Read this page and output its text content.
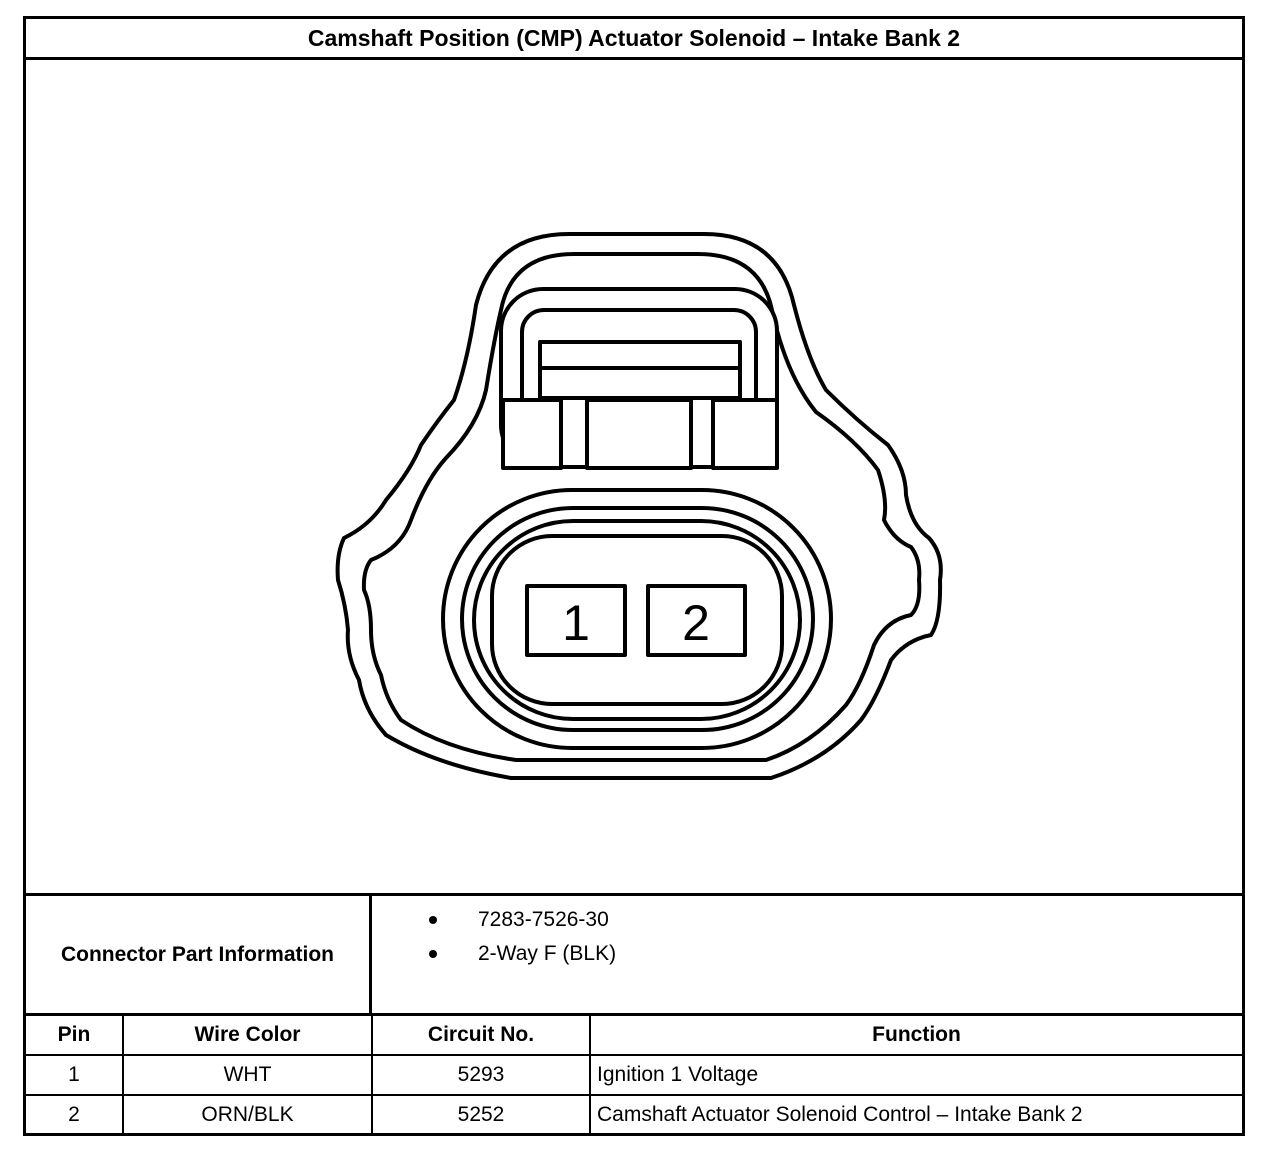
Camshaft Position (CMP) Actuator Solenoid – Intake Bank 2
1 2
Connector Part Information
7283-7526-30
2-Way F (BLK)
Pin	Wire Color	Circuit No.	Function
1	WHT	5293	Ignition 1 Voltage
2	ORN/BLK	5252	Camshaft Actuator Solenoid Control – Intake Bank 2
